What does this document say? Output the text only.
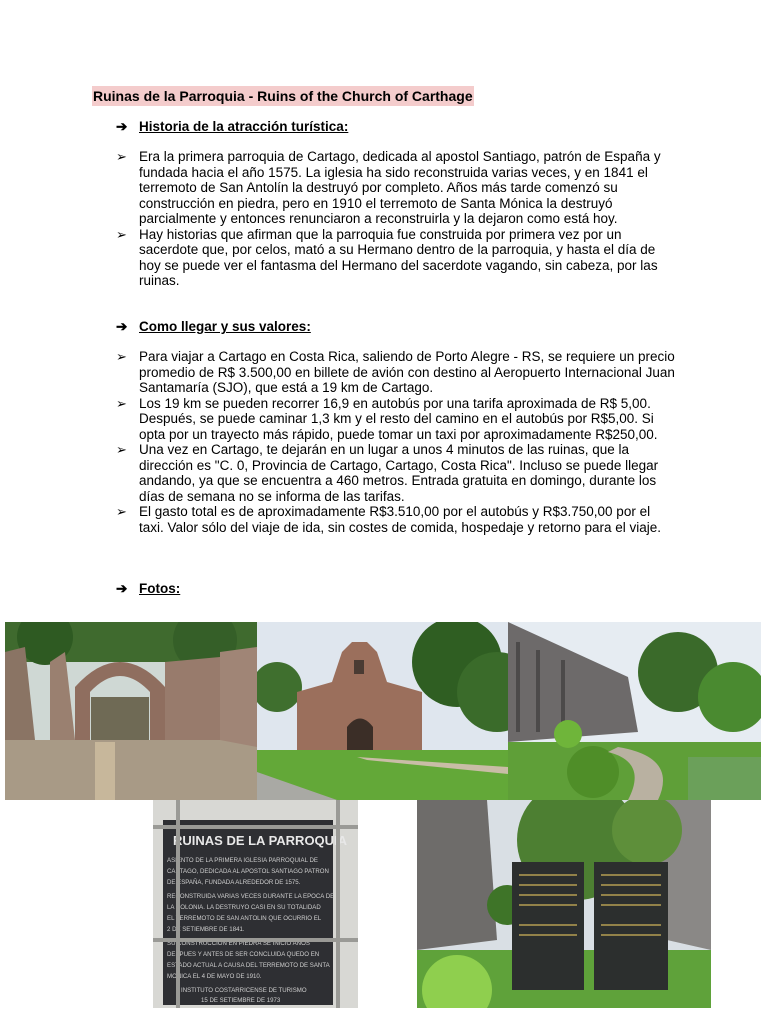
Ruinas de la Parroquia - Ruins of the Church of Carthage
➔ Historia de la atracción turística:
➢ Era la primera parroquia de Cartago, dedicada al apostol Santiago, patrón de España y fundada hacia el año 1575. La iglesia ha sido reconstruida varias veces, y en 1841 el terremoto de San Antolín la destruyó por completo. Años más tarde comenzó su construcción en piedra, pero en 1910 el terremoto de Santa Mónica la destruyó parcialmente y entonces renunciaron a reconstruirla y la dejaron como está hoy.
➢ Hay historias que afirman que la parroquia fue construida por primera vez por un sacerdote que, por celos, mató a su Hermano dentro de la parroquia, y hasta el día de hoy se puede ver el fantasma del Hermano del sacerdote vagando, sin cabeza, por las ruinas.
➔ Como llegar y sus valores:
➢ Para viajar a Cartago en Costa Rica, saliendo de Porto Alegre - RS, se requiere un precio promedio de R$ 3.500,00 en billete de avión con destino al Aeropuerto Internacional Juan Santamaría (SJO), que está a 19 km de Cartago.
➢ Los 19 km se pueden recorrer 16,9 en autobús por una tarifa aproximada de R$ 5,00. Después, se puede caminar 1,3 km y el resto del camino en el autobús por R$5,00. Si opta por un trayecto más rápido, puede tomar un taxi por aproximadamente R$250,00.
➢ Una vez en Cartago, te dejarán en un lugar a unos 4 minutos de las ruinas, que la dirección es "C. 0, Provincia de Cartago, Cartago, Costa Rica". Incluso se puede llegar andando, ya que se encuentra a 460 metros. Entrada gratuita en domingo, durante los días de semana no se informa de las tarifas.
➢ El gasto total es de aproximadamente R$3.510,00 por el autobús y R$3.750,00 por el taxi. Valor sólo del viaje de ida, sin costes de comida, hospedaje y retorno para el viaje.
➔ Fotos:
RUINAS DE LA PARROQUIA
ASIENTO DE LA PRIMERA IGLESIA PARROQUIAL DE
CARTAGO, DEDICADA AL APOSTOL SANTIAGO PATRON
DE ESPAÑA, FUNDADA ALREDEDOR DE 1575.
RECONSTRUIDA VARIAS VECES DURANTE LA EPOCA DE
LA COLONIA. LA DESTRUYO CASI EN SU TOTALIDAD
EL TERREMOTO DE SAN ANTOLIN QUE OCURRIO EL
2 DE SETIEMBRE DE 1841.
SU CONSTRUCCION EN PIEDRA SE INICIO AÑOS
DESPUES Y ANTES DE SER CONCLUIDA QUEDO EN
ESTADO ACTUAL A CAUSA DEL TERREMOTO DE SANTA
MONICA EL 4 DE MAYO DE 1910.
INSTITUTO COSTARRICENSE DE TURISMO
15 DE SETIEMBRE DE 1973
